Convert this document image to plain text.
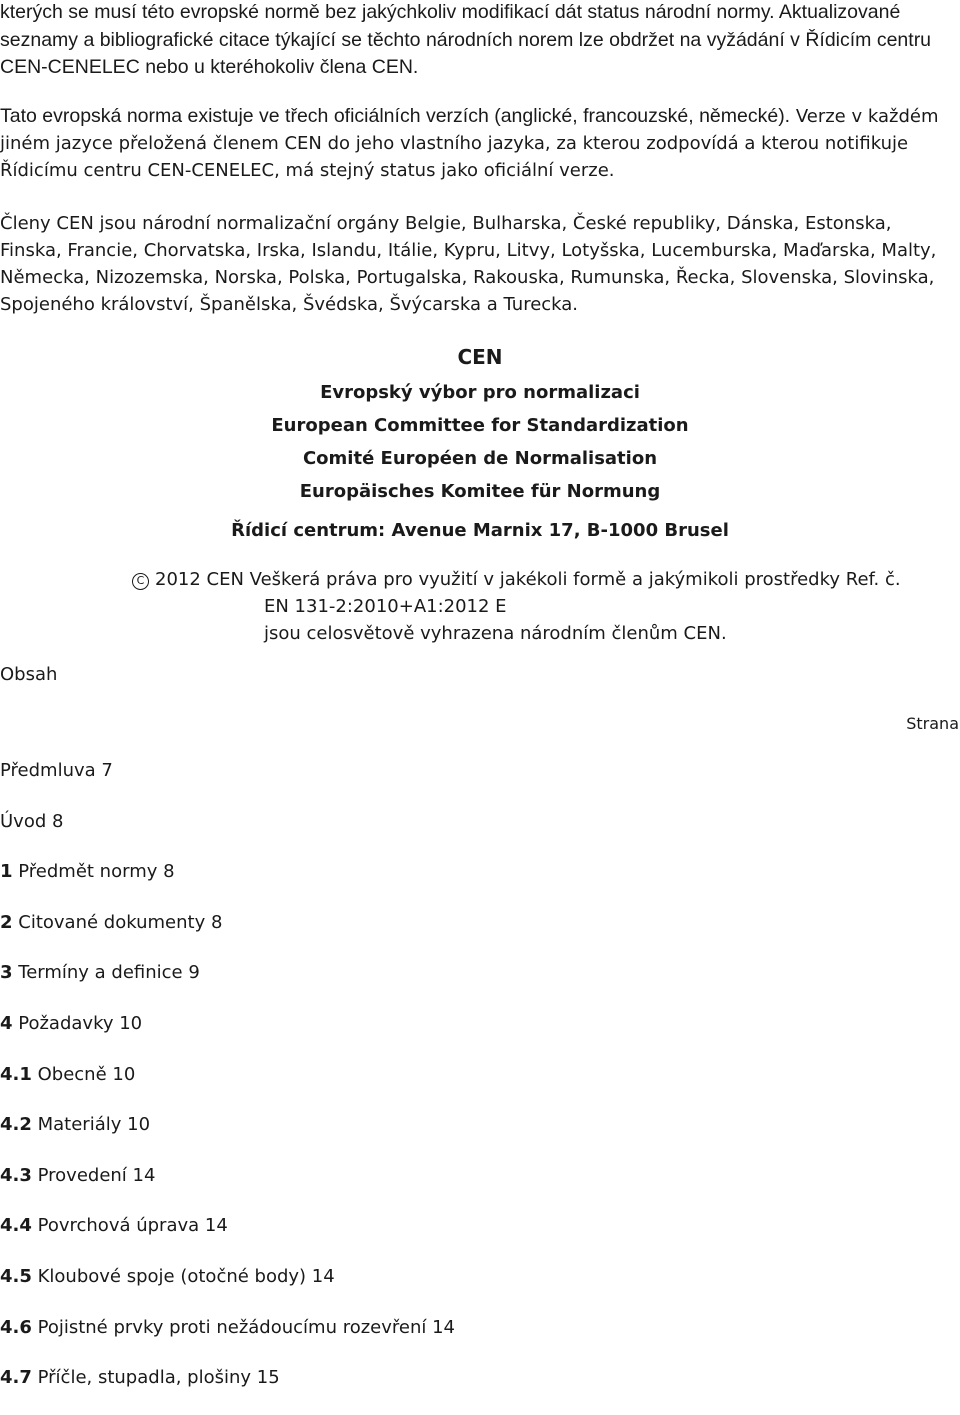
kterých se musí této evropské normě bez jakýchkoliv modifikací dát status národní normy. Aktualizované seznamy a bibliografické citace týkající se těchto národních norem lze obdržet na vyžádání v Řídicím centru CEN-CENELEC nebo u kteréhokoliv člena CEN.

Tato evropská norma existuje ve třech oficiálních verzích (anglické, francouzské, německé). Verze v každém jiném jazyce přeložená členem CEN do jeho vlastního jazyka, za kterou zodpovídá a kterou notifikuje Řídicímu centru CEN-CENELEC, má stejný status jako oficiální verze.

Členy CEN jsou národní normalizační orgány Belgie, Bulharska, České republiky, Dánska, Estonska, Finska, Francie, Chorvatska, Irska, Islandu, Itálie, Kypru, Litvy, Lotyšska, Lucemburska, Maďarska, Malty, Německa, Nizozemska, Norska, Polska, Portugalska, Rakouska, Rumunska, Řecka, Slovenska, Slovinska, Spojeného království, Španělska, Švédska, Švýcarska a Turecka.

CEN

Evropský výbor pro normalizaci

European Committee for Standardization

Comité Européen de Normalisation

Europäisches Komitee für Normung

Řídicí centrum: Avenue Marnix 17, B-1000 Brusel

C 2012 CEN Veškerá práva pro využití v jakékoli formě a jakýmikoli prostředky Ref. č.
EN 131-2:2010+A1:2012 E
jsou celosvětově vyhrazena národním členům CEN.

Obsah

Strana

Předmluva 7
Úvod 8
1 Předmět normy 8
2 Citované dokumenty 8
3 Termíny a definice 9
4 Požadavky 10
4.1 Obecně 10
4.2 Materiály 10
4.3 Provedení 14
4.4 Povrchová úprava 14
4.5 Kloubové spoje (otočné body) 14
4.6 Pojistné prvky proti nežádoucímu rozevření 14
4.7 Příčle, stupadla, plošiny 15
